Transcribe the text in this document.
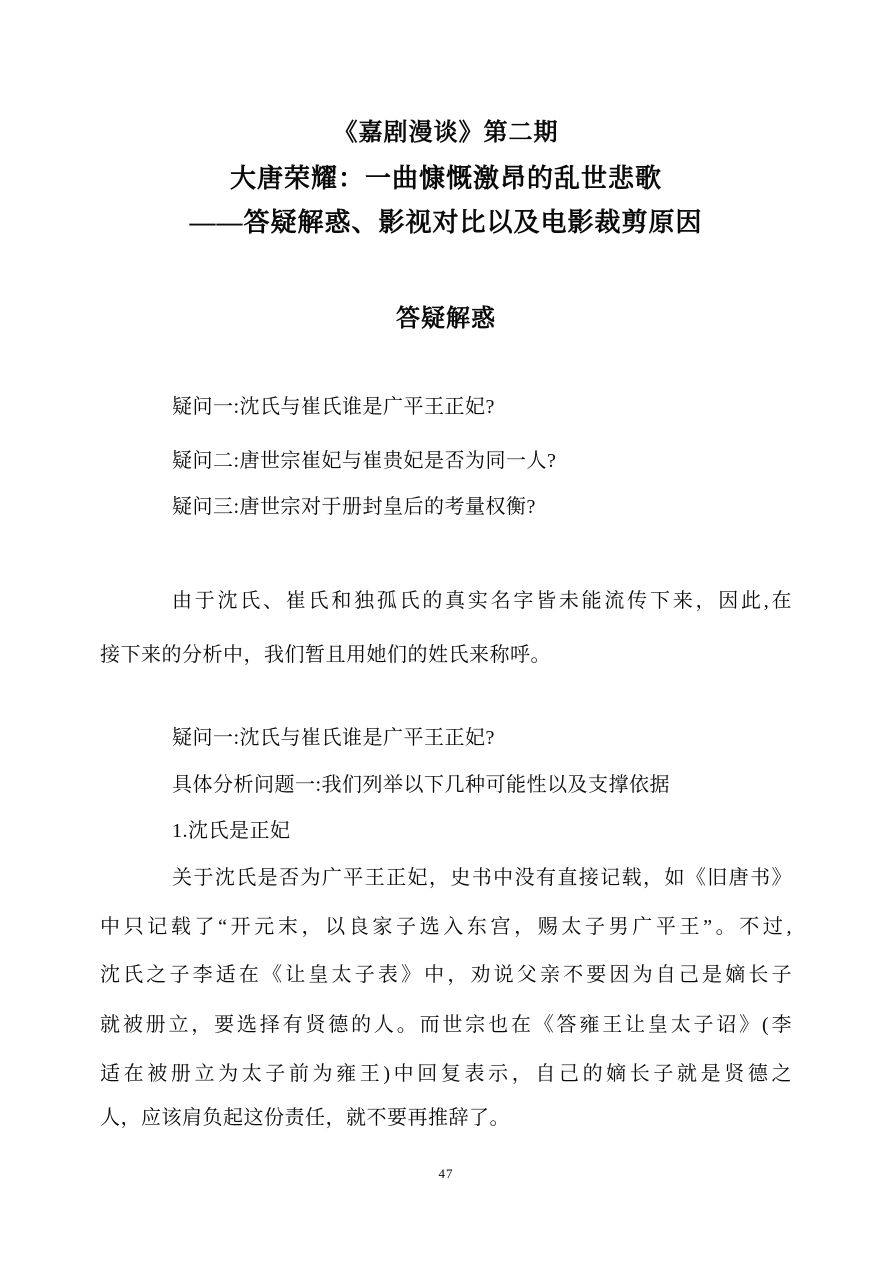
《嘉剧漫谈》第二期
大唐荣耀：一曲慷慨激昂的乱世悲歌
——答疑解惑、影视对比以及电影裁剪原因
答疑解惑
疑问一:沈氏与崔氏谁是广平王正妃?
疑问二:唐世宗崔妃与崔贵妃是否为同一人?
疑问三:唐世宗对于册封皇后的考量权衡?
由于沈氏、崔氏和独孤氏的真实名字皆未能流传下来，因此,在
接下来的分析中，我们暂且用她们的姓氏来称呼。
疑问一:沈氏与崔氏谁是广平王正妃?
具体分析问题一:我们列举以下几种可能性以及支撑依据
1.沈氏是正妃
关于沈氏是否为广平王正妃，史书中没有直接记载，如《旧唐书》
中只记载了“开元末，以良家子选入东宫，赐太子男广平王”。不过,
沈氏之子李适在《让皇太子表》中，劝说父亲不要因为自己是嫡长子
就被册立，要选择有贤德的人。而世宗也在《答雍王让皇太子诏》(李
适在被册立为太子前为雍王)中回复表示，自己的嫡长子就是贤德之
人，应该肩负起这份责任，就不要再推辞了。
47
